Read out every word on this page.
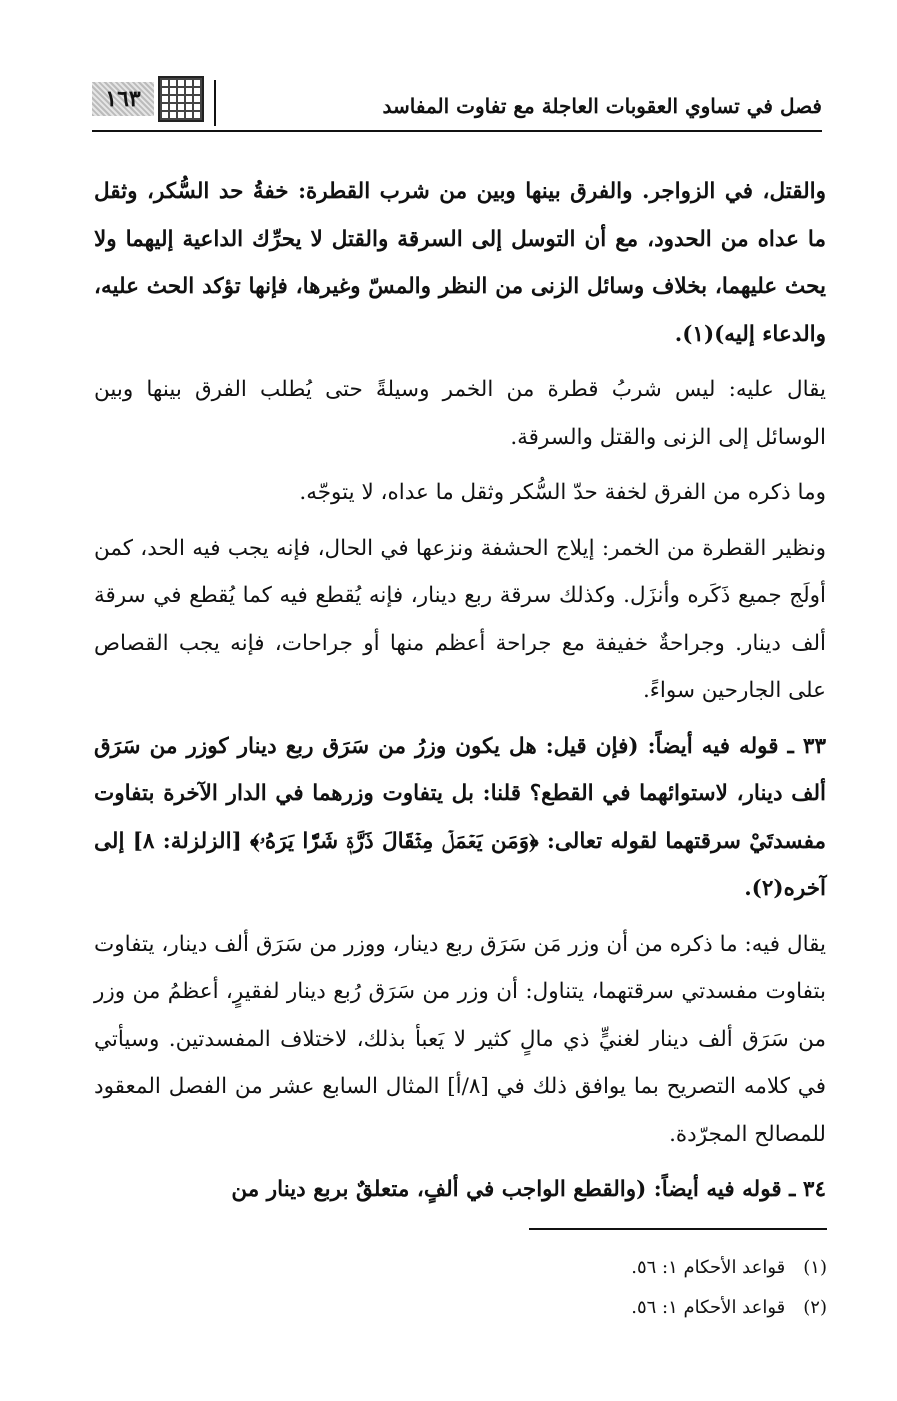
فصل في تساوي العقوبات العاجلة مع تفاوت المفاسد
١٦٣

والقتل، في الزواجر. والفرق بينها وبين من شرب القطرة: خفةُ حد السُّكر، وثقل ما عداه من الحدود، مع أن التوسل إلى السرقة والقتل لا يحرِّك الداعية إليهما ولا يحث عليهما، بخلاف وسائل الزنى من النظر والمسّ وغيرها، فإنها تؤكد الحث عليه، والدعاء إليه)(١).

يقال عليه: ليس شربُ قطرة من الخمر وسيلةً حتى يُطلب الفرق بينها وبين الوسائل إلى الزنى والقتل والسرقة.

وما ذكره من الفرق لخفة حدّ السُّكر وثقل ما عداه، لا يتوجّه.

ونظير القطرة من الخمر: إيلاج الحشفة ونزعها في الحال، فإنه يجب فيه الحد، كمن أولَج جميع ذَكَره وأنزَل. وكذلك سرقة ربع دينار، فإنه يُقطع فيه كما يُقطع في سرقة ألف دينار. وجراحةٌ خفيفة مع جراحة أعظم منها أو جراحات، فإنه يجب القصاص على الجارحين سواءً.

٣٣ ـ قوله فيه أيضاً: (فإن قيل: هل يكون وزرُ من سَرَق ربع دينار كوزر من سَرَق ألف دينار، لاستوائهما في القطع؟ قلنا: بل يتفاوت وزرهما في الدار الآخرة بتفاوت مفسدتَيْ سرقتهما لقوله تعالى: ﴿وَمَن يَعۡمَلۡ مِثۡقَالَ ذَرَّةٖ شَرّٗا يَرَهُۥ﴾ [الزلزلة: ٨] إلى آخره(٢).

يقال فيه: ما ذكره من أن وزر مَن سَرَق ربع دينار، ووزر من سَرَق ألف دينار، يتفاوت بتفاوت مفسدتي سرقتهما، يتناول: أن وزر من سَرَق رُبع دينار لفقيرٍ، أعظمُ من وزر من سَرَق ألف دينار لغنيٍّ ذي مالٍ كثير لا يَعبأ بذلك، لاختلاف المفسدتين. وسيأتي في كلامه التصريح بما يوافق ذلك في [٨/أ] المثال السابع عشر من الفصل المعقود للمصالح المجرّدة.

٣٤ ـ قوله فيه أيضاً: (والقطع الواجب في ألفٍ، متعلقٌ بربع دينار من

(١)
قواعد الأحكام ١: ٥٦.
(٢)
قواعد الأحكام ١: ٥٦.
